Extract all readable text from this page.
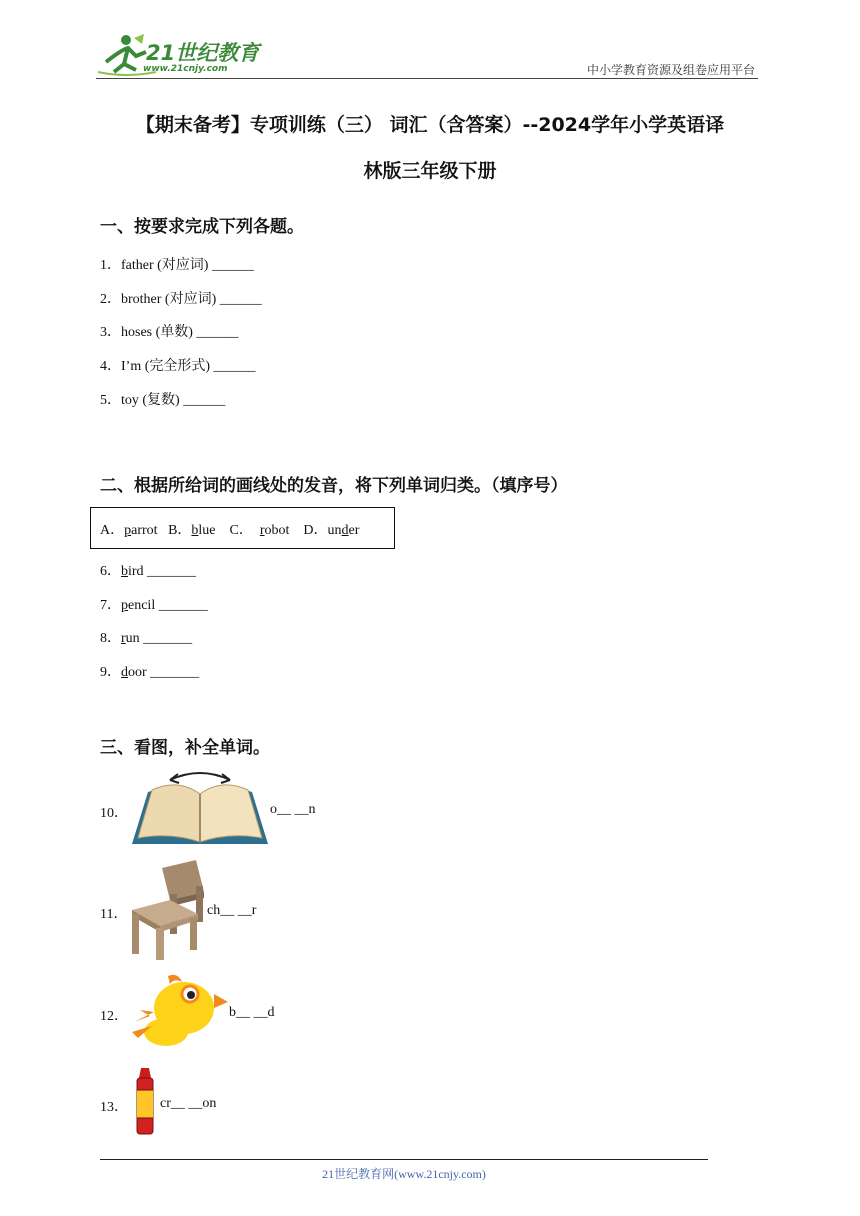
21世纪教育
www.21cnjy.com	中小学教育资源及组卷应用平台
【期末备考】专项训练（三） 词汇（含答案）--2024学年小学英语译
林版三年级下册
一、按要求完成下列各题。
1．father (对应词) ______
2．brother (对应词) ______
3．hoses (单数) ______
4．I’m (完全形式) ______
5．toy (复数) ______
二、根据所给词的画线处的发音，将下列单词归类。（填序号）
A．parrot B．blue C． robot D．under
6．bird _______
7．pencil _______
8．run _______
9．door _______
三、看图，补全单词。
10．	o__ __n
11．	ch__ __r
12．	b__ __d
13． cr__ __on
21世纪教育网(www.21cnjy.com)
